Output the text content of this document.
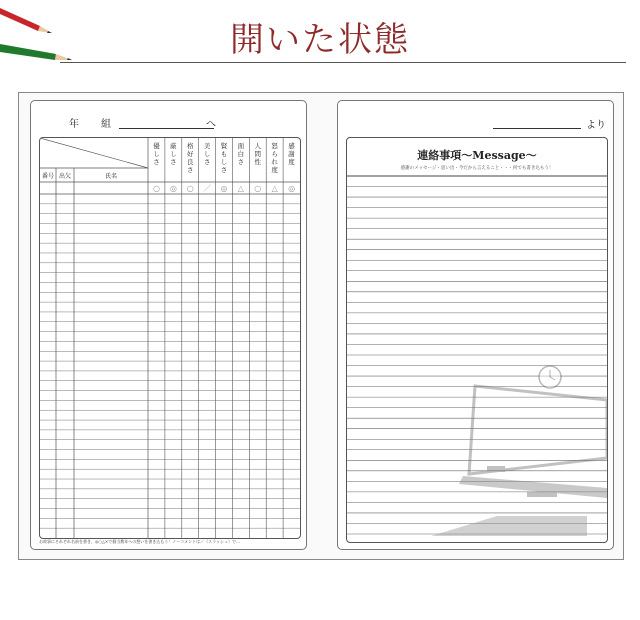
開いた状態
年 組	へ
番号 出欠	氏名
優
し
さ
厳
し
さ
格
好
良
さ
美
し
さ
賢
も
し
さ
面
白
さ
人
間
性
怒
ら
れ
度
感
謝
度
○ ◎ ○ ／ ◎ △ ○ △ ◎
お故事にそれぞれ名前を書き、◎○△×で個当教年への想いを書き込もう！ノーコメントは／（スラッシュ）で…
より
連絡事項～Message～
感謝のメッセージ・思い出・今だから言えること・・・何でも書き込もう！
